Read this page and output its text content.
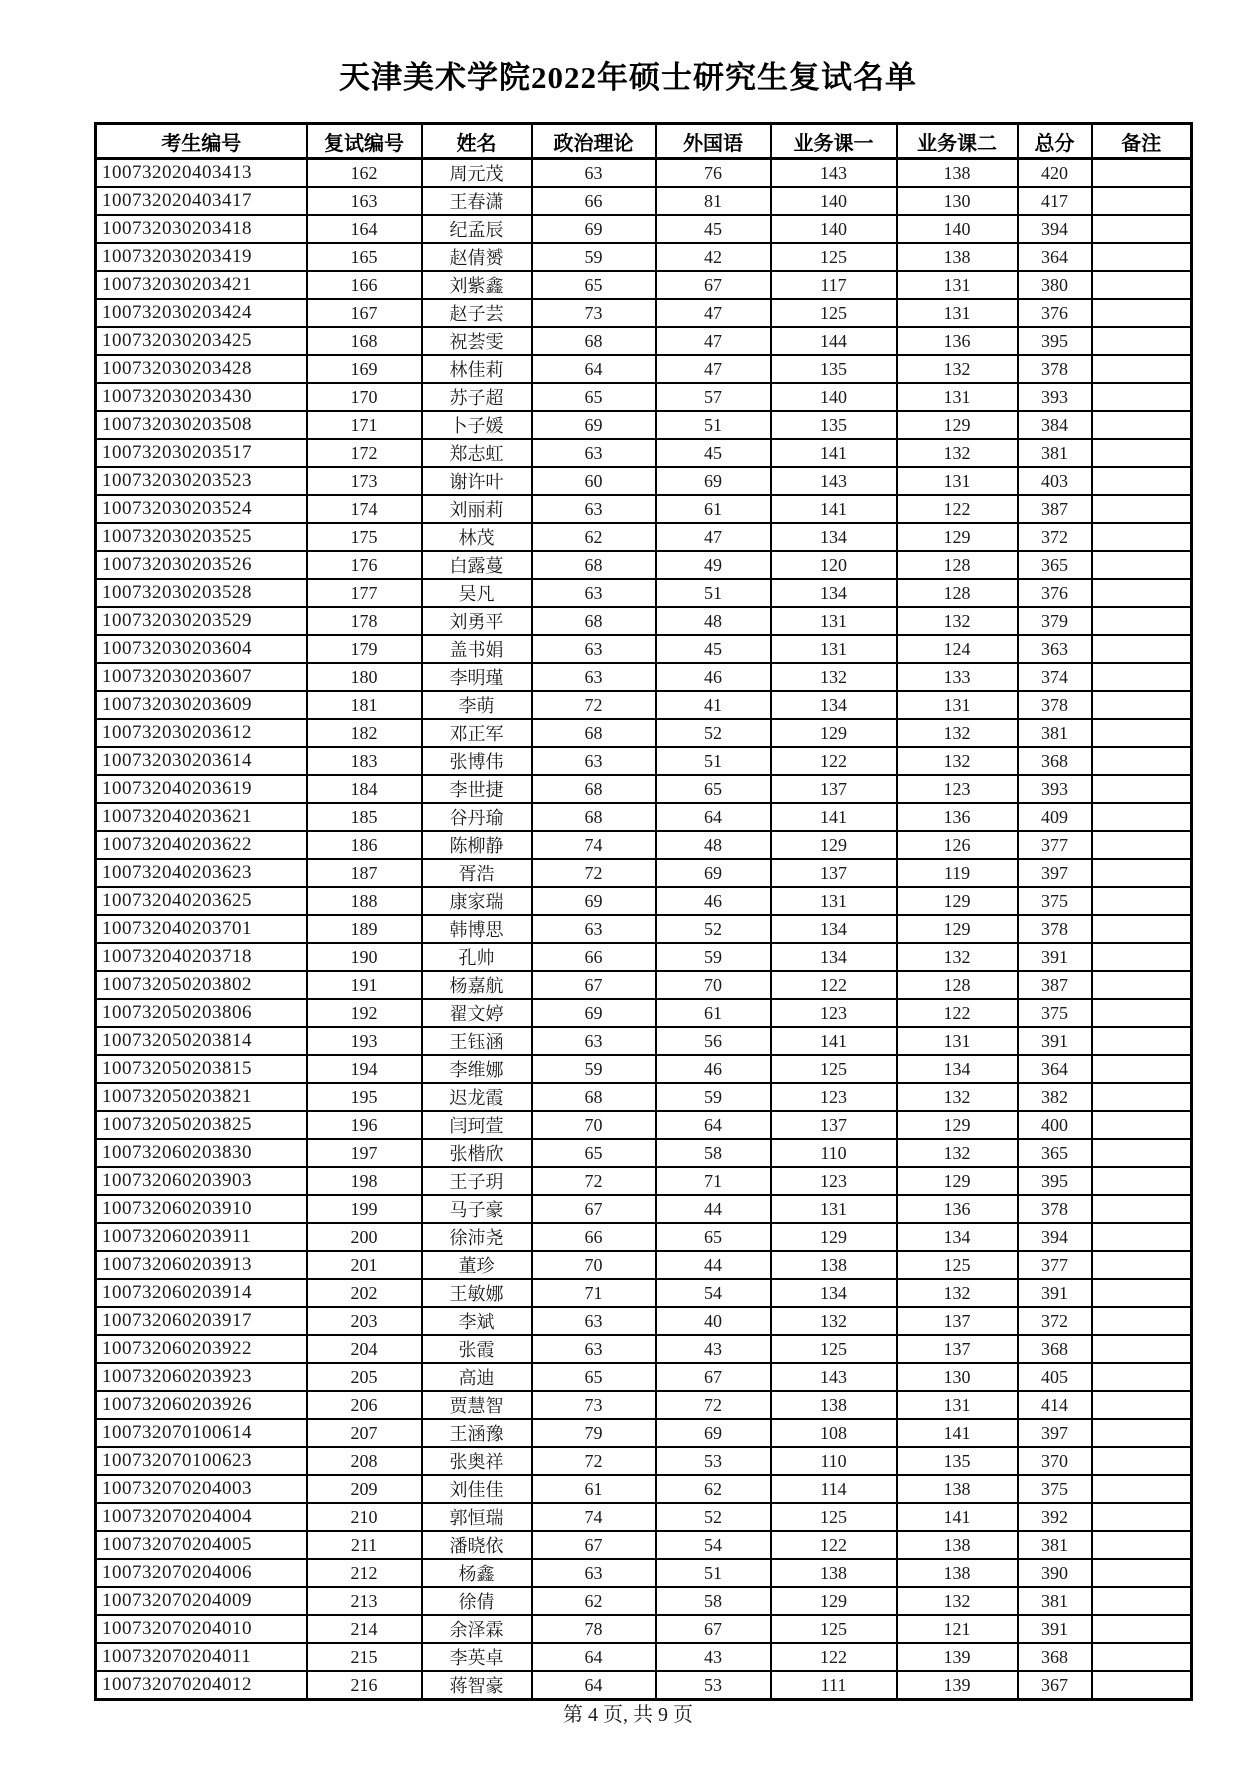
天津美术学院2022年硕士研究生复试名单
考生编号	复试编号	姓名	政治理论	外国语	业务课一	业务课二	总分	备注
100732020403413	162	周元茂	63	76	143	138	420	
100732020403417	163	王春潇	66	81	140	130	417	
100732030203418	164	纪孟辰	69	45	140	140	394	
100732030203419	165	赵倩赟	59	42	125	138	364	
100732030203421	166	刘紫鑫	65	67	117	131	380	
100732030203424	167	赵子芸	73	47	125	131	376	
100732030203425	168	祝荟雯	68	47	144	136	395	
100732030203428	169	林佳莉	64	47	135	132	378	
100732030203430	170	苏子超	65	57	140	131	393	
100732030203508	171	卜子媛	69	51	135	129	384	
100732030203517	172	郑志虹	63	45	141	132	381	
100732030203523	173	谢许叶	60	69	143	131	403	
100732030203524	174	刘丽莉	63	61	141	122	387	
100732030203525	175	林茂	62	47	134	129	372	
100732030203526	176	白露蔓	68	49	120	128	365	
100732030203528	177	吴凡	63	51	134	128	376	
100732030203529	178	刘勇平	68	48	131	132	379	
100732030203604	179	盖书娟	63	45	131	124	363	
100732030203607	180	李明瑾	63	46	132	133	374	
100732030203609	181	李萌	72	41	134	131	378	
100732030203612	182	邓正军	68	52	129	132	381	
100732030203614	183	张博伟	63	51	122	132	368	
100732040203619	184	李世捷	68	65	137	123	393	
100732040203621	185	谷丹瑜	68	64	141	136	409	
100732040203622	186	陈柳静	74	48	129	126	377	
100732040203623	187	胥浩	72	69	137	119	397	
100732040203625	188	康家瑞	69	46	131	129	375	
100732040203701	189	韩博思	63	52	134	129	378	
100732040203718	190	孔帅	66	59	134	132	391	
100732050203802	191	杨嘉航	67	70	122	128	387	
100732050203806	192	翟文婷	69	61	123	122	375	
100732050203814	193	王钰涵	63	56	141	131	391	
100732050203815	194	李维娜	59	46	125	134	364	
100732050203821	195	迟龙霞	68	59	123	132	382	
100732050203825	196	闫珂萱	70	64	137	129	400	
100732060203830	197	张楷欣	65	58	110	132	365	
100732060203903	198	王子玥	72	71	123	129	395	
100732060203910	199	马子豪	67	44	131	136	378	
100732060203911	200	徐沛尧	66	65	129	134	394	
100732060203913	201	董珍	70	44	138	125	377	
100732060203914	202	王敏娜	71	54	134	132	391	
100732060203917	203	李斌	63	40	132	137	372	
100732060203922	204	张霞	63	43	125	137	368	
100732060203923	205	高迪	65	67	143	130	405	
100732060203926	206	贾慧智	73	72	138	131	414	
100732070100614	207	王涵豫	79	69	108	141	397	
100732070100623	208	张奥祥	72	53	110	135	370	
100732070204003	209	刘佳佳	61	62	114	138	375	
100732070204004	210	郭恒瑞	74	52	125	141	392	
100732070204005	211	潘晓依	67	54	122	138	381	
100732070204006	212	杨鑫	63	51	138	138	390	
100732070204009	213	徐倩	62	58	129	132	381	
100732070204010	214	余泽霖	78	67	125	121	391	
100732070204011	215	李英卓	64	43	122	139	368	
100732070204012	216	蒋智豪	64	53	111	139	367	
第 4 页, 共 9 页
